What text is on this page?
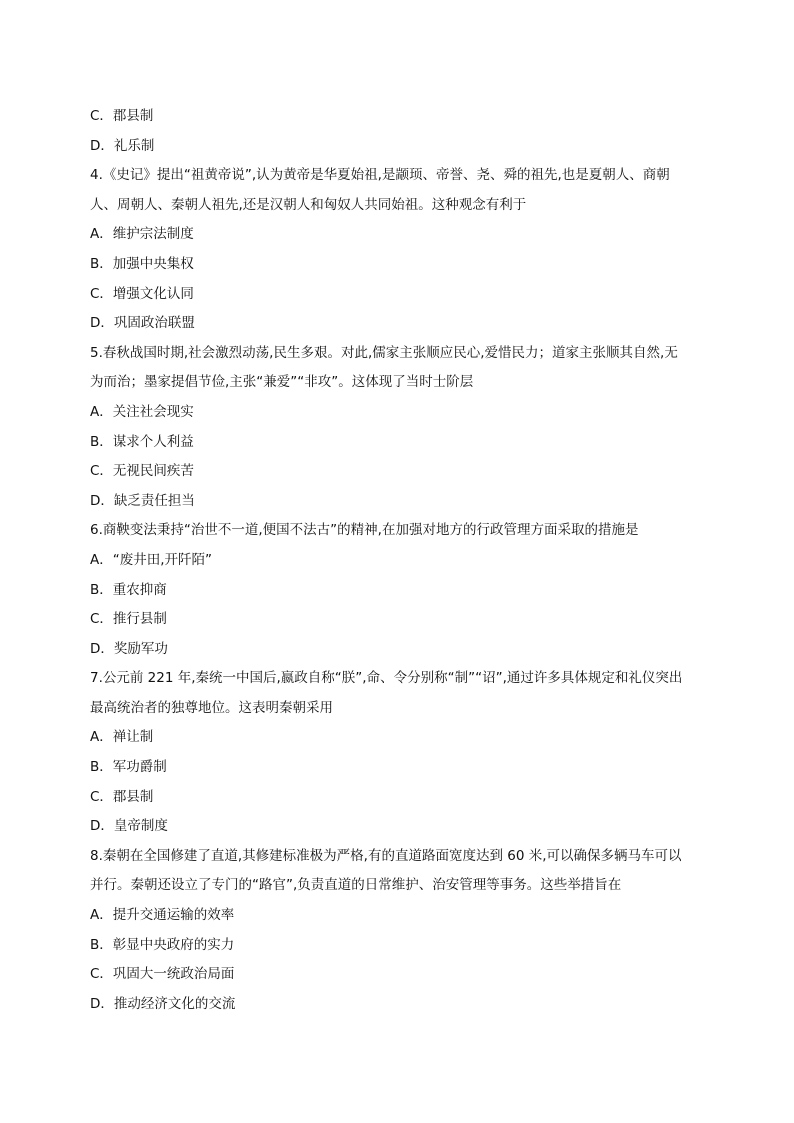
C．郡县制
D．礼乐制
4.《史记》提出“祖黄帝说”,认为黄帝是华夏始祖,是颛顼、帝誉、尧、舜的祖先,也是夏朝人、商朝
人、周朝人、秦朝人祖先,还是汉朝人和匈奴人共同始祖。这种观念有利于
A．维护宗法制度
B．加强中央集权
C．增强文化认同
D．巩固政治联盟
5.春秋战国时期,社会激烈动荡,民生多艰。对此,儒家主张顺应民心,爱惜民力；道家主张顺其自然,无
为而治；墨家提倡节俭,主张“兼爱”“非攻”。这体现了当时士阶层
A．关注社会现实
B．谋求个人利益
C．无视民间疾苦
D．缺乏责任担当
6.商鞅变法秉持“治世不一道,便国不法古”的精神,在加强对地方的行政管理方面采取的措施是
A．“废井田,开阡陌”
B．重农抑商
C．推行县制
D．奖励军功
7.公元前 221 年,秦统一中国后,嬴政自称“朕”,命、令分别称“制”“诏”,通过许多具体规定和礼仪突出
最高统治者的独尊地位。这表明秦朝采用
A．禅让制
B．军功爵制
C．郡县制
D．皇帝制度
8.秦朝在全国修建了直道,其修建标准极为严格,有的直道路面宽度达到 60 米,可以确保多辆马车可以
并行。秦朝还设立了专门的“路官”,负责直道的日常维护、治安管理等事务。这些举措旨在
A．提升交通运输的效率
B．彰显中央政府的实力
C．巩固大一统政治局面
D．推动经济文化的交流
